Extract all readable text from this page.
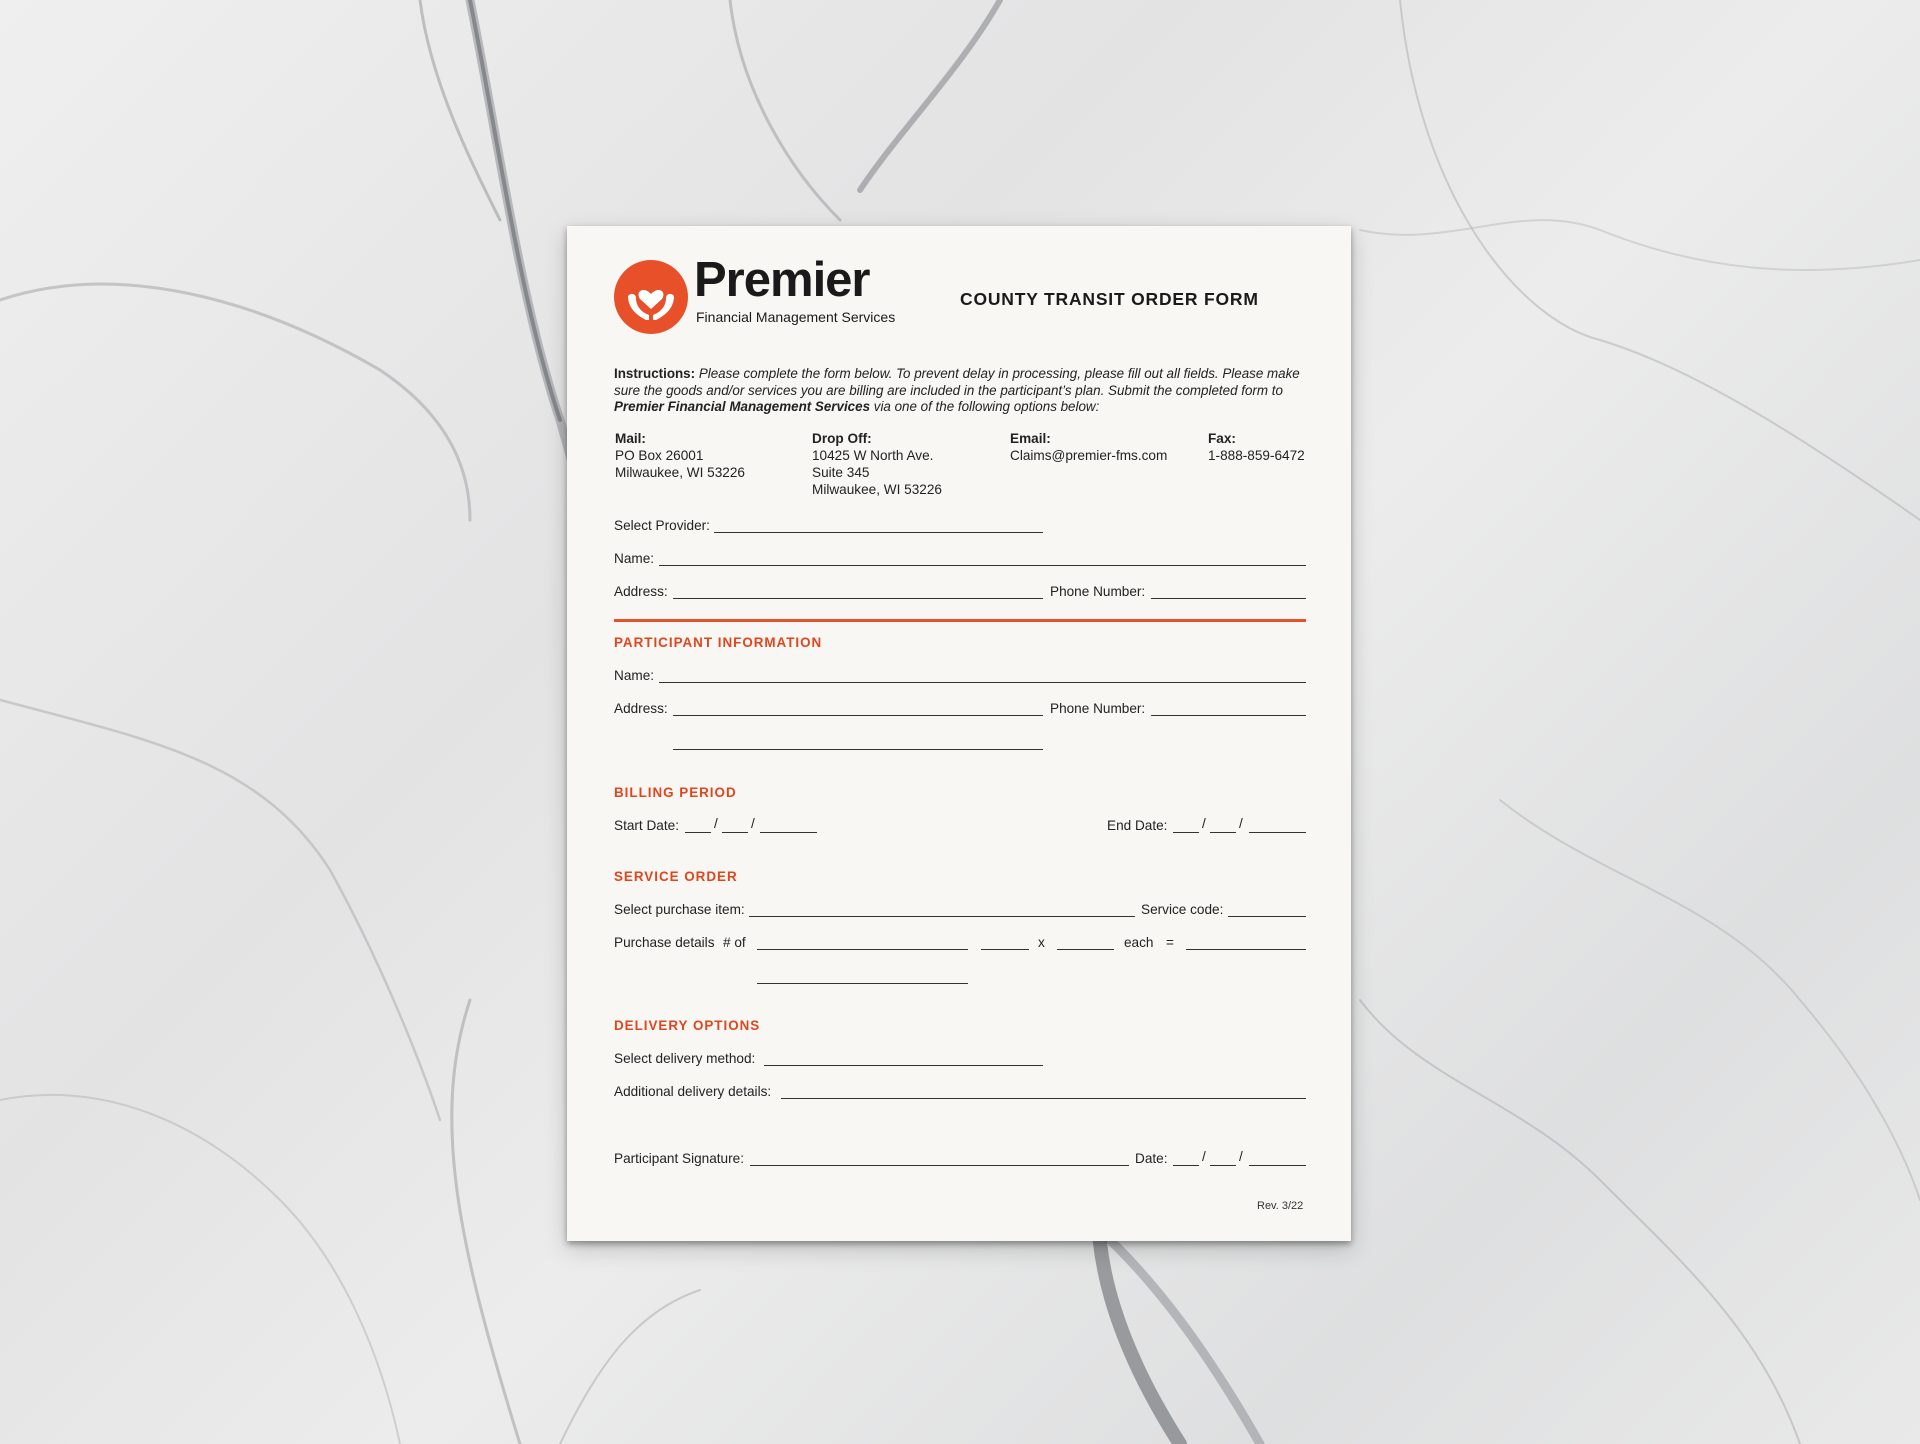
Premier
Financial Management Services
COUNTY TRANSIT ORDER FORM
Instructions: Please complete the form below. To prevent delay in processing, please fill out all fields. Please make sure the goods and/or services you are billing are included in the participant’s plan. Submit the completed form to Premier Financial Management Services via one of the following options below:
Mail:
PO Box 26001
Milwaukee, WI 53226
Drop Off:
10425 W North Ave.
Suite 345
Milwaukee, WI 53226
Email:
Claims@premier-fms.com
Fax:
1-888-859-6472
Select Provider:
Name:
Address:	Phone Number:
PARTICIPANT INFORMATION
Name:
Address:	Phone Number:
BILLING PERIOD
Start Date:	/ /	End Date:	/ /
SERVICE ORDER
Select purchase item:	Service code:
Purchase details # of	x	each =
DELIVERY OPTIONS
Select delivery method:
Additional delivery details:
Participant Signature:	Date:	/ /
Rev. 3/22
